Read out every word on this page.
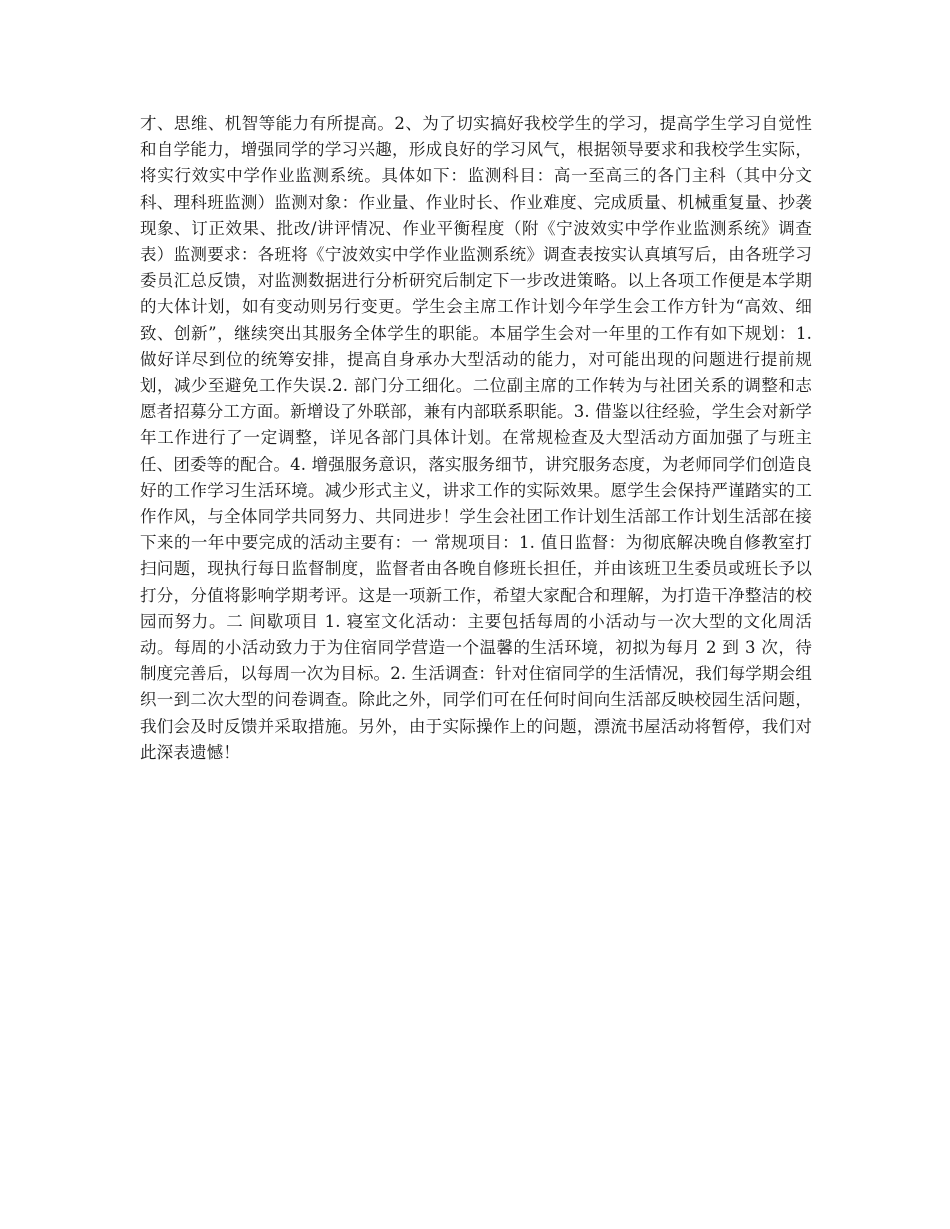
才、思维、机智等能力有所提高。2、为了切实搞好我校学生的学习，提高学生学习自觉性和自学能力，增强同学的学习兴趣，形成良好的学习风气，根据领导要求和我校学生实际，将实行效实中学作业监测系统。具体如下：监测科目：高一至高三的各门主科（其中分文科、理科班监测）监测对象：作业量、作业时长、作业难度、完成质量、机械重复量、抄袭现象、订正效果、批改/讲评情况、作业平衡程度（附《宁波效实中学作业监测系统》调查表）监测要求：各班将《宁波效实中学作业监测系统》调查表按实认真填写后，由各班学习委员汇总反馈，对监测数据进行分析研究后制定下一步改进策略。以上各项工作便是本学期的大体计划，如有变动则另行变更。学生会主席工作计划今年学生会工作方针为“高效、细致、创新”，继续突出其服务全体学生的职能。本届学生会对一年里的工作有如下规划：1. 做好详尽到位的统筹安排，提高自身承办大型活动的能力，对可能出现的问题进行提前规划，减少至避免工作失误.2. 部门分工细化。二位副主席的工作转为与社团关系的调整和志愿者招募分工方面。新增设了外联部，兼有内部联系职能。3. 借鉴以往经验，学生会对新学年工作进行了一定调整，详见各部门具体计划。在常规检查及大型活动方面加强了与班主任、团委等的配合。4. 增强服务意识，落实服务细节，讲究服务态度，为老师同学们创造良好的工作学习生活环境。减少形式主义，讲求工作的实际效果。愿学生会保持严谨踏实的工作作风，与全体同学共同努力、共同进步！学生会社团工作计划生活部工作计划生活部在接下来的一年中要完成的活动主要有：一 常规项目：1. 值日监督：为彻底解决晚自修教室打扫问题，现执行每日监督制度，监督者由各晚自修班长担任，并由该班卫生委员或班长予以打分，分值将影响学期考评。这是一项新工作，希望大家配合和理解，为打造干净整洁的校园而努力。二 间歇项目 1. 寝室文化活动：主要包括每周的小活动与一次大型的文化周活动。每周的小活动致力于为住宿同学营造一个温馨的生活环境，初拟为每月 2 到 3 次，待制度完善后，以每周一次为目标。2. 生活调查：针对住宿同学的生活情况，我们每学期会组织一到二次大型的问卷调查。除此之外，同学们可在任何时间向生活部反映校园生活问题，我们会及时反馈并采取措施。另外，由于实际操作上的问题，漂流书屋活动将暂停，我们对此深表遗憾！
